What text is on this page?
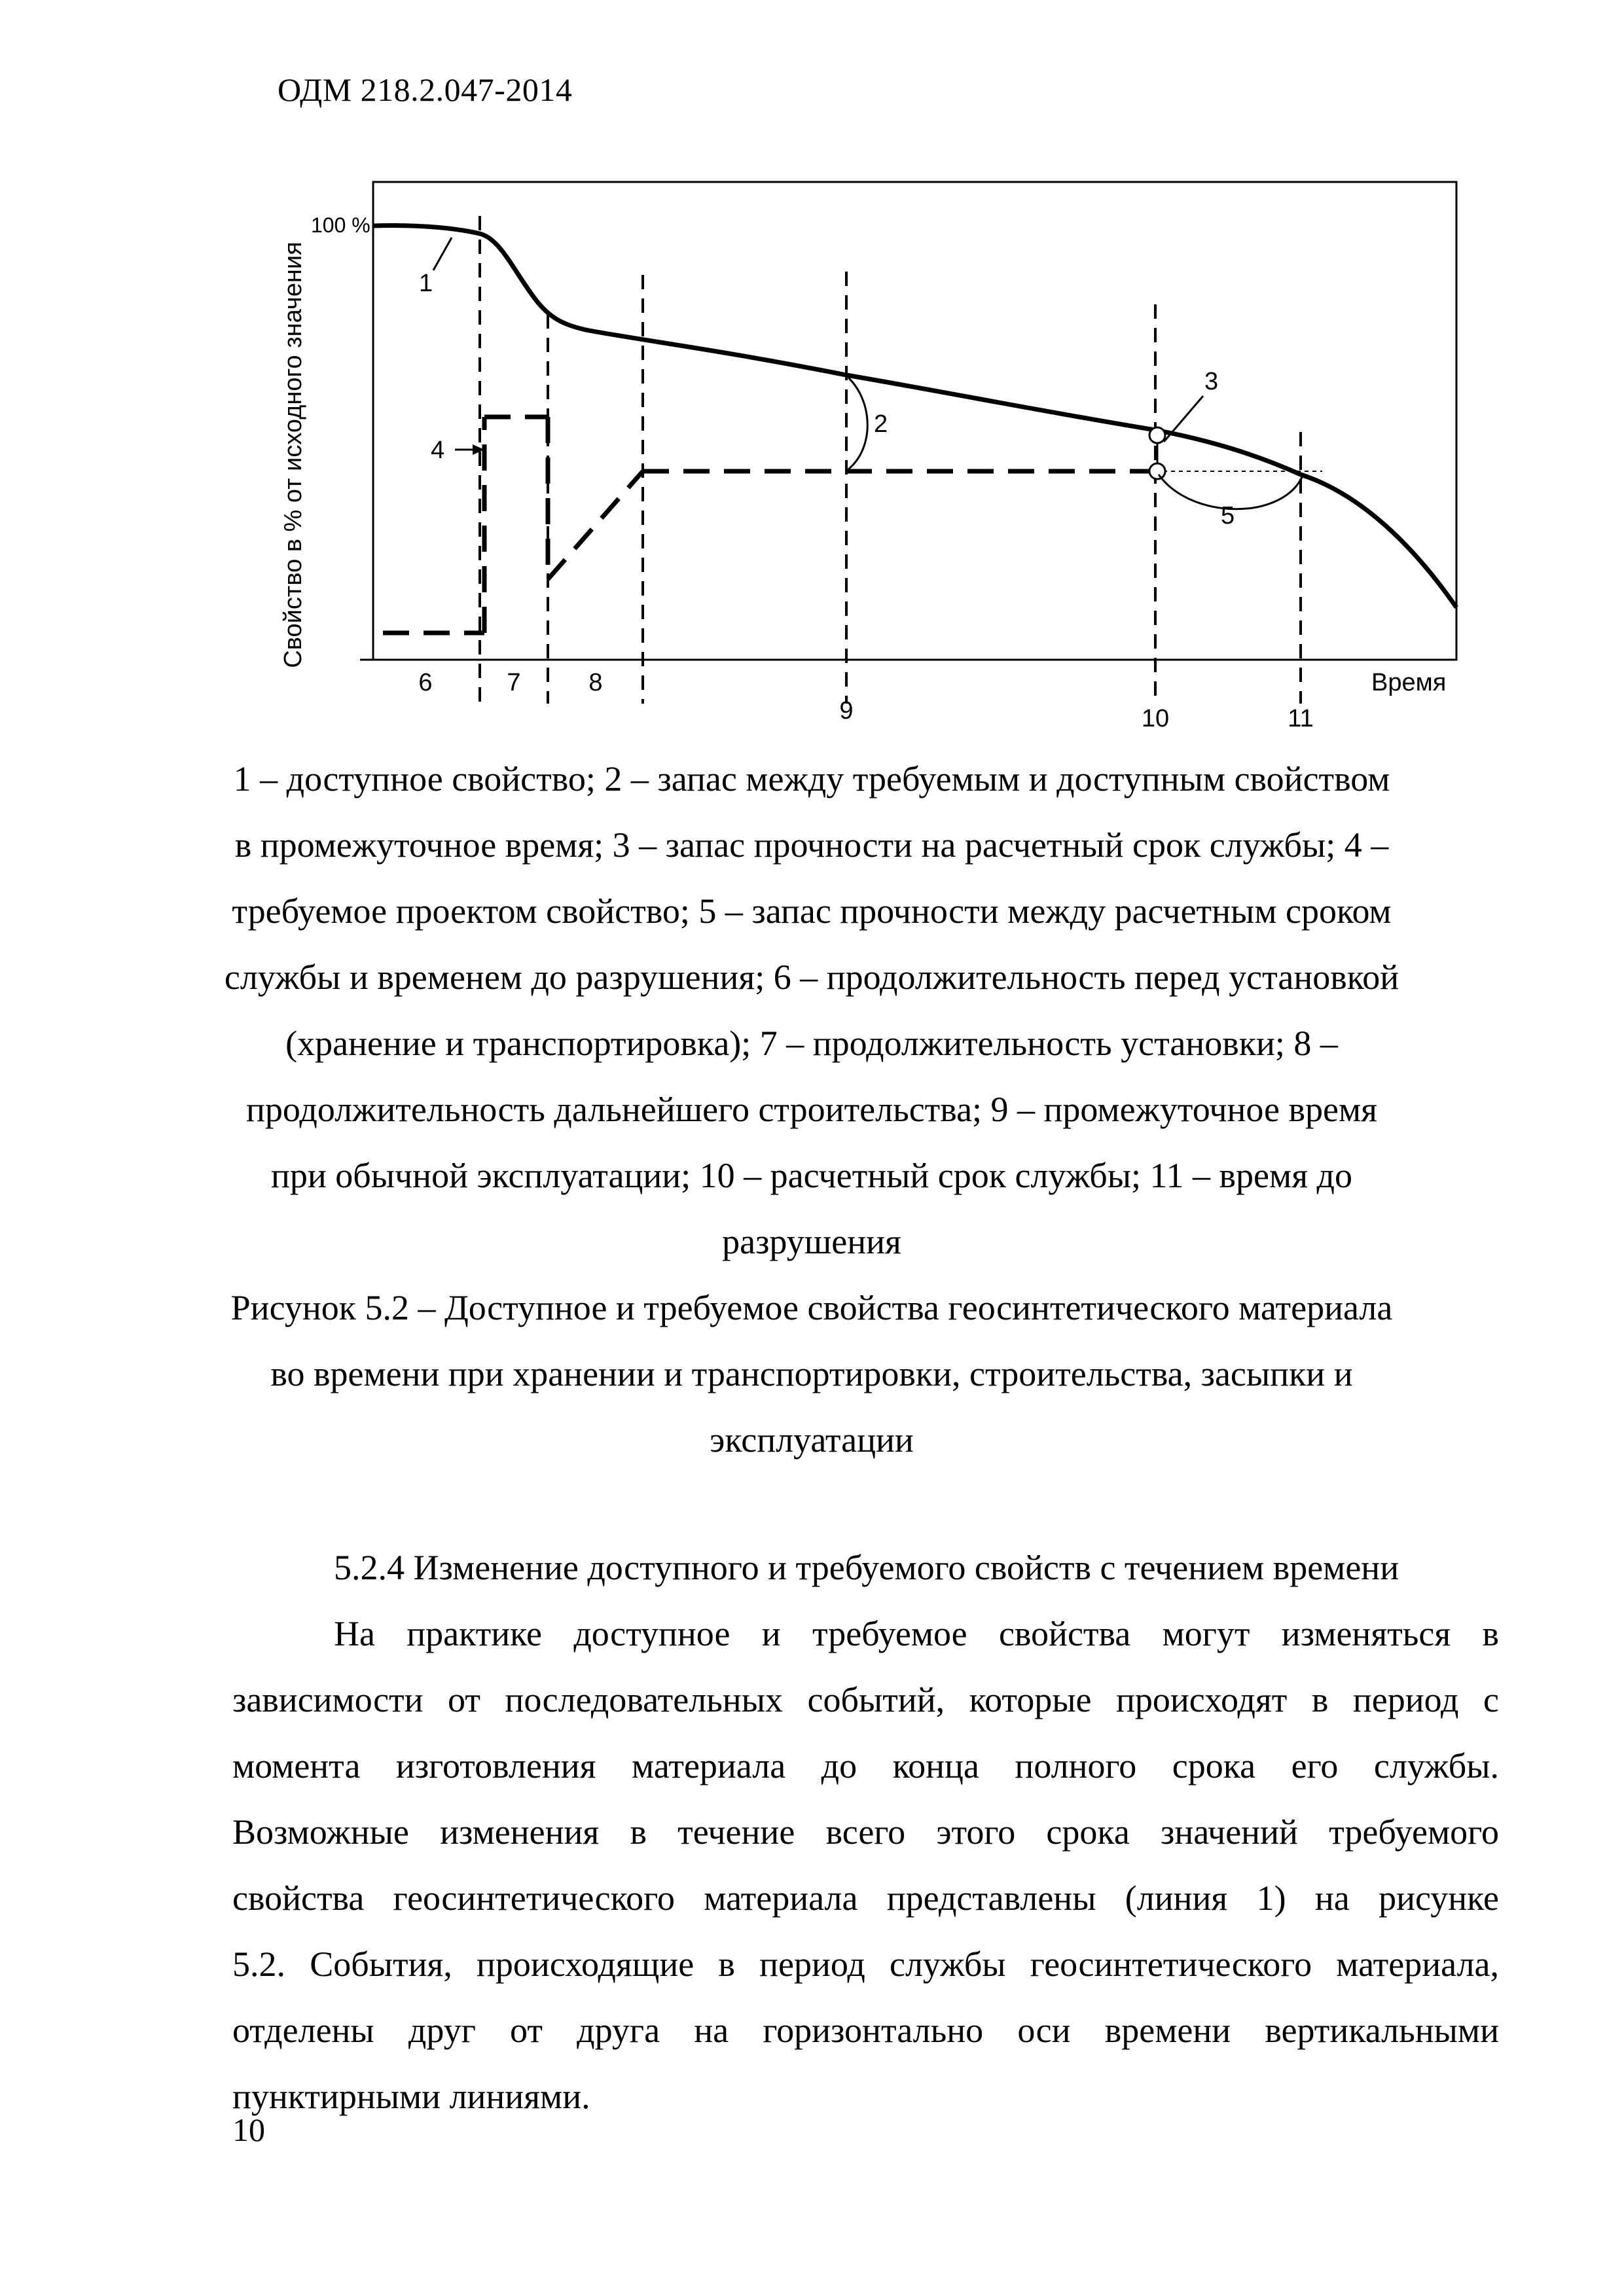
ОДМ 218.2.047-2014
Свойство в % от исходного значения
100 %
1
2
3
4
5
6	7	8
9	10	11
Время
1 – доступное свойство; 2 – запас между требуемым и доступным свойством
в промежуточное время; 3 – запас прочности на расчетный срок службы; 4 –
требуемое проектом свойство; 5 – запас прочности между расчетным сроком
службы и временем до разрушения; 6 – продолжительность перед установкой
(хранение и транспортировка); 7 – продолжительность установки; 8 –
продолжительность дальнейшего строительства; 9 – промежуточное время
при обычной эксплуатации; 10 – расчетный срок службы; 11 – время до
разрушения
Рисунок 5.2 – Доступное и требуемое свойства геосинтетического материала
во времени при хранении и транспортировки, строительства, засыпки и
эксплуатации
5.2.4 Изменение доступного и требуемого свойств с течением времени
На практике доступное и требуемое свойства могут изменяться в
зависимости от последовательных событий, которые происходят в период с
момента изготовления материала до конца полного срока его службы.
Возможные изменения в течение всего этого срока значений требуемого
свойства геосинтетического материала представлены (линия 1) на рисунке
5.2. События, происходящие в период службы геосинтетического материала,
отделены друг от друга на горизонтально оси времени вертикальными
пунктирными линиями.
10
